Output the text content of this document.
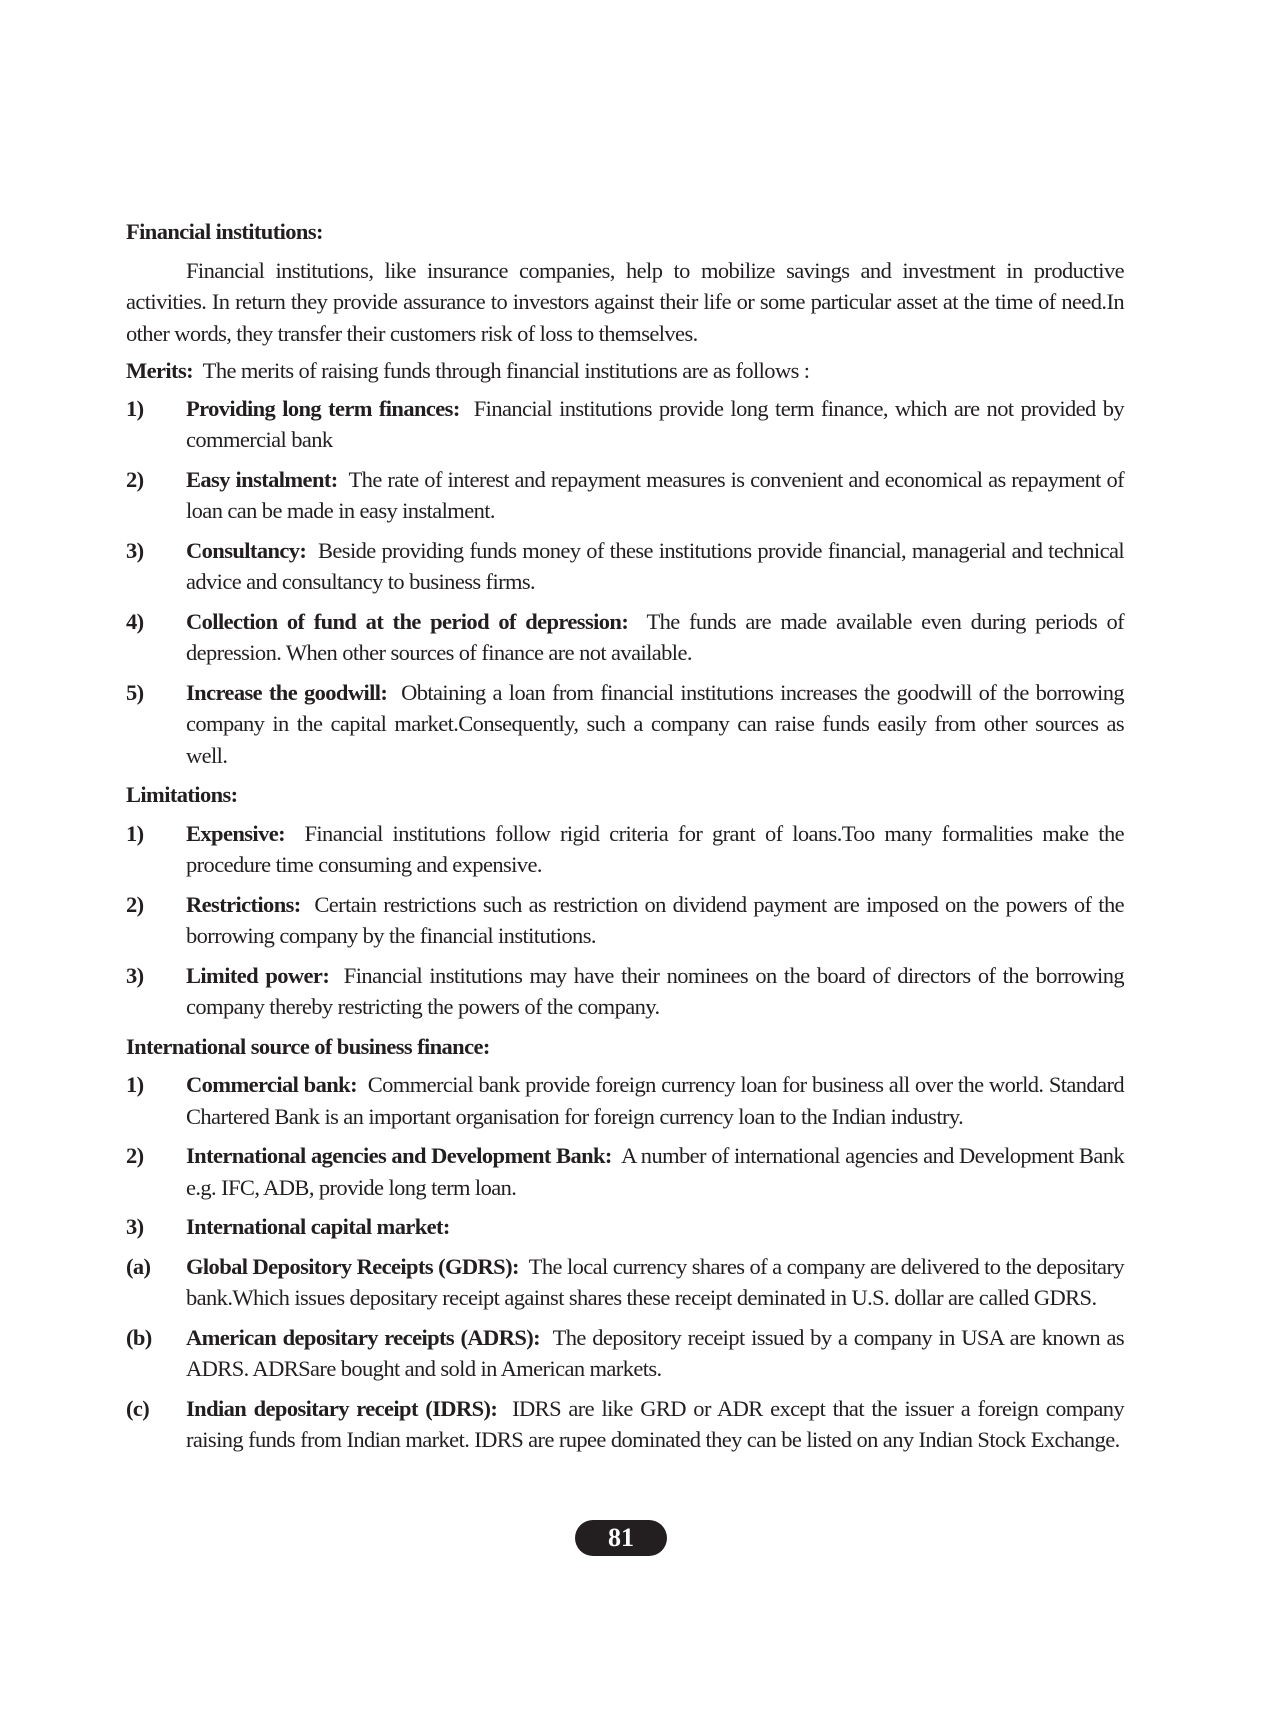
Financial institutions:

Financial institutions, like insurance companies, help to mobilize savings and investment in productive activities. In return they provide assurance to investors against their life or some particular asset at the time of need.In other words, they transfer their customers risk of loss to themselves.

Merits: The merits of raising funds through financial institutions are as follows :

1)	Providing long term finances: Financial institutions provide long term finance, which are not provided by commercial bank
2)	Easy instalment: The rate of interest and repayment measures is convenient and economical as repayment of loan can be made in easy instalment.
3)	Consultancy: Beside providing funds money of these institutions provide financial, managerial and technical advice and consultancy to business firms.
4)	Collection of fund at the period of depression: The funds are made available even during periods of depression. When other sources of finance are not available.
5)	Increase the goodwill: Obtaining a loan from financial institutions increases the goodwill of the borrowing company in the capital market.Consequently, such a company can raise funds easily from other sources as well.

Limitations:

1)	Expensive: Financial institutions follow rigid criteria for grant of loans.Too many formalities make the procedure time consuming and expensive.
2)	Restrictions: Certain restrictions such as restriction on dividend payment are imposed on the powers of the borrowing company by the financial institutions.
3)	Limited power: Financial institutions may have their nominees on the board of directors of the borrowing company thereby restricting the powers of the company.

International source of business finance:

1)	Commercial bank: Commercial bank provide foreign currency loan for business all over the world. Standard Chartered Bank is an important organisation for foreign currency loan to the Indian industry.
2)	International agencies and Development Bank: A number of international agencies and Development Bank e.g. IFC, ADB, provide long term loan.
3)	International capital market:
(a)	Global Depository Receipts (GDRS): The local currency shares of a company are delivered to the depositary bank.Which issues depositary receipt against shares these receipt deminated in U.S. dollar are called GDRS.
(b)	American depositary receipts (ADRS): The depository receipt issued by a company in USA are known as ADRS. ADRSare bought and sold in American markets.
(c)	Indian depositary receipt (IDRS): IDRS are like GRD or ADR except that the issuer a foreign company raising funds from Indian market. IDRS are rupee dominated they can be listed on any Indian Stock Exchange.
81
